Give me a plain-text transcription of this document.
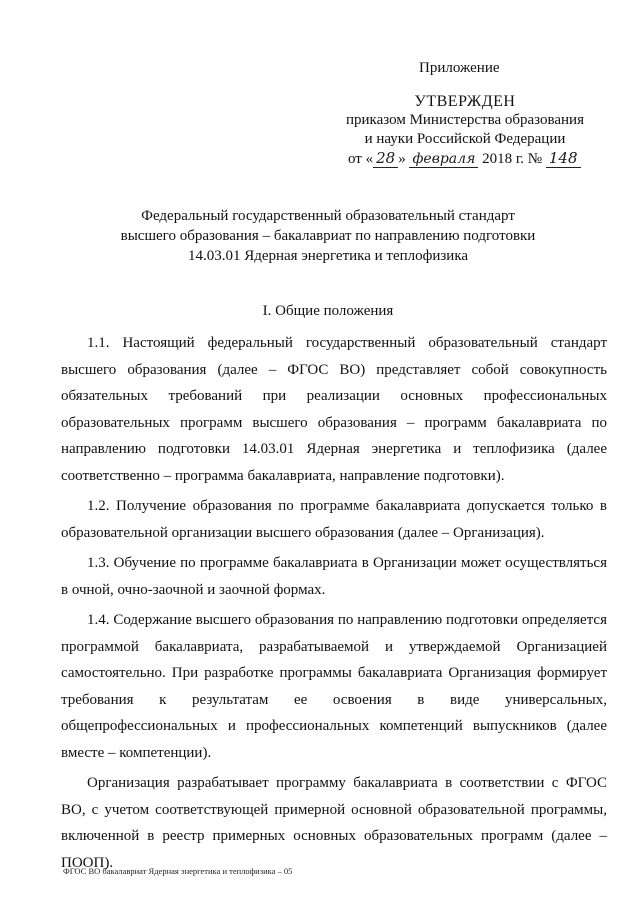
Приложение
УТВЕРЖДЕН
приказом Министерства образования
и науки Российской Федерации
от « 28 » февраля 2018 г. № 148
Федеральный государственный образовательный стандарт
высшего образования – бакалавриат по направлению подготовки
14.03.01 Ядерная энергетика и теплофизика
I. Общие положения

1.1. Настоящий федеральный государственный образовательный стандарт высшего образования (далее – ФГОС ВО) представляет собой совокупность обязательных требований при реализации основных профессиональных образовательных программ высшего образования – программ бакалавриата по направлению подготовки 14.03.01 Ядерная энергетика и теплофизика (далее соответственно – программа бакалавриата, направление подготовки).

1.2. Получение образования по программе бакалавриата допускается только в образовательной организации высшего образования (далее – Организация).

1.3. Обучение по программе бакалавриата в Организации может осуществляться в очной, очно-заочной и заочной формах.

1.4. Содержание высшего образования по направлению подготовки определяется программой бакалавриата, разрабатываемой и утверждаемой Организацией самостоятельно. При разработке программы бакалавриата Организация формирует требования к результатам ее освоения в виде универсальных, общепрофессиональных и профессиональных компетенций выпускников (далее вместе – компетенции).

Организация разрабатывает программу бакалавриата в соответствии с ФГОС ВО, с учетом соответствующей примерной основной образовательной программы, включенной в реестр примерных основных образовательных программ (далее – ПООП).

ФГОС ВО бакалавриат Ядерная энергетика и теплофизика – 05
